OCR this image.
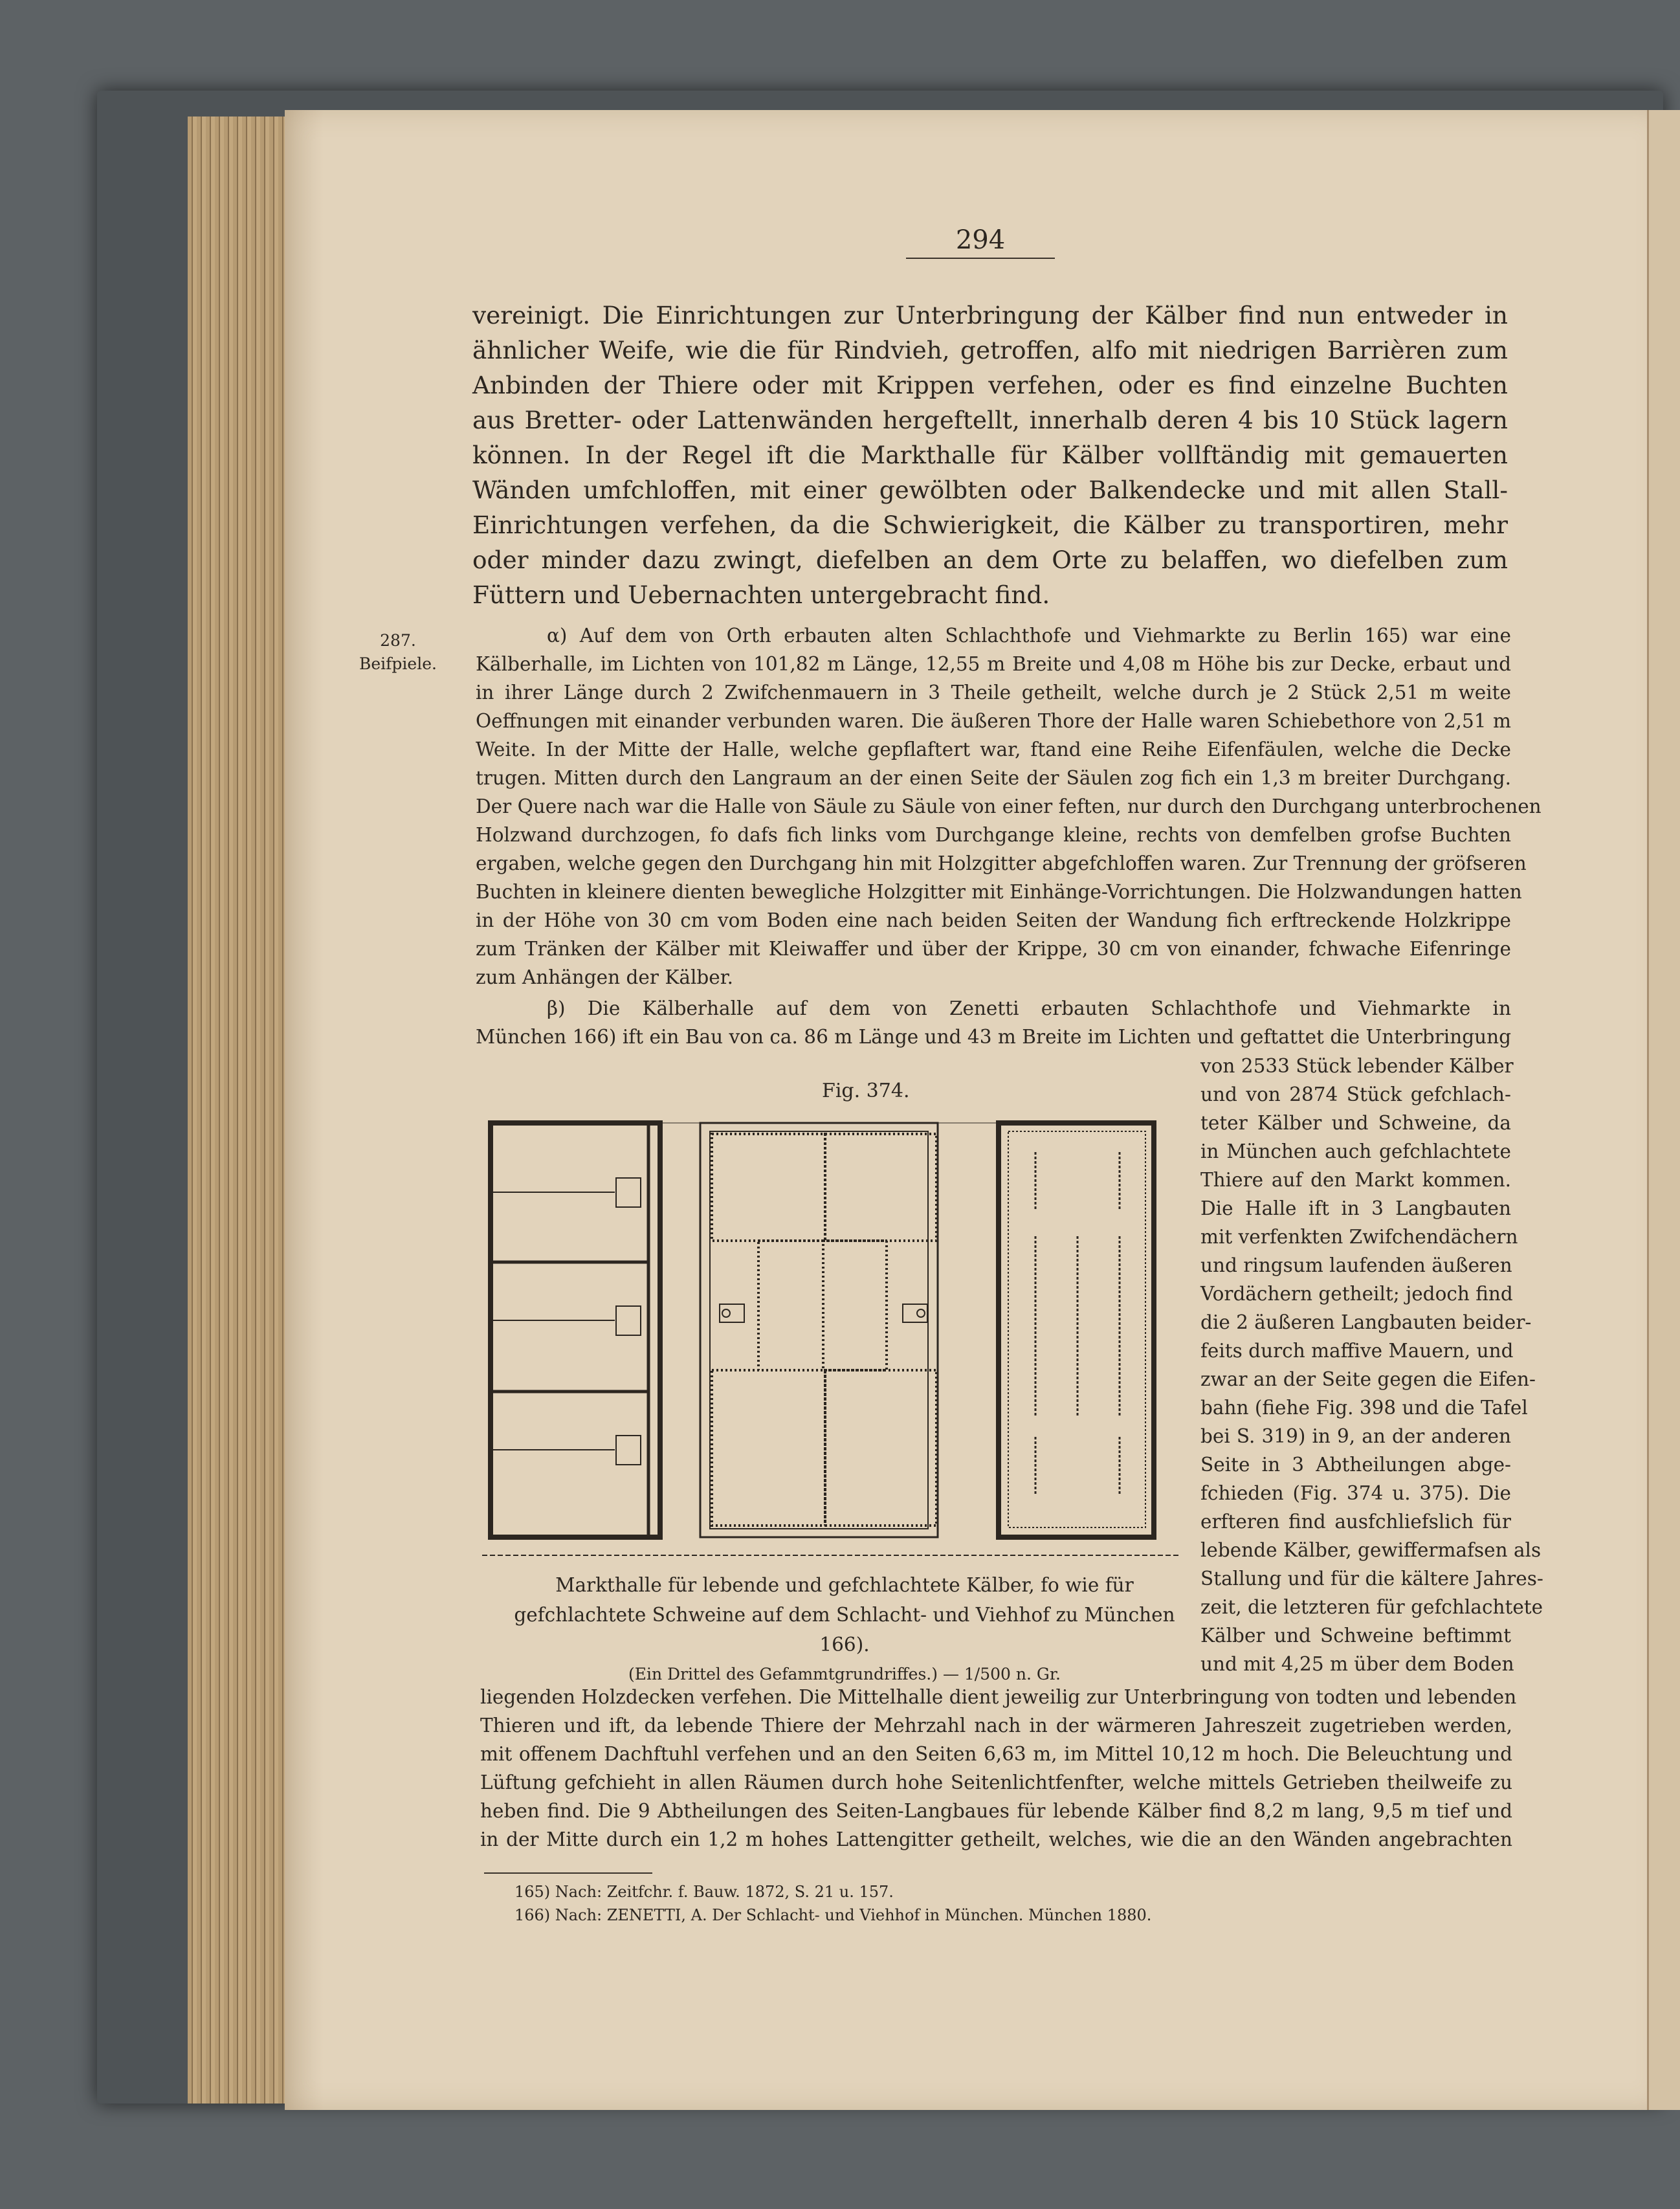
294
vereinigt. Die Einrichtungen zur Unterbringung der Kälber find nun entweder in
ähnlicher Weife, wie die für Rindvieh, getroffen, alfo mit niedrigen Barrièren zum
Anbinden der Thiere oder mit Krippen verfehen, oder es find einzelne Buchten
aus Bretter- oder Lattenwänden hergeftellt, innerhalb deren 4 bis 10 Stück lagern
können. In der Regel ift die Markthalle für Kälber vollftändig mit gemauerten
Wänden umfchloffen, mit einer gewölbten oder Balkendecke und mit allen Stall-
Einrichtungen verfehen, da die Schwierigkeit, die Kälber zu transportiren, mehr
oder minder dazu zwingt, diefelben an dem Orte zu belaffen, wo diefelben zum
Füttern und Uebernachten untergebracht find.
287.
Beifpiele.
α) Auf dem von Orth erbauten alten Schlachthofe und Viehmarkte zu Berlin 165) war eine
Kälberhalle, im Lichten von 101,82 m Länge, 12,55 m Breite und 4,08 m Höhe bis zur Decke, erbaut und
in ihrer Länge durch 2 Zwifchenmauern in 3 Theile getheilt, welche durch je 2 Stück 2,51 m weite
Oeffnungen mit einander verbunden waren. Die äußeren Thore der Halle waren Schiebethore von 2,51 m
Weite. In der Mitte der Halle, welche gepflaftert war, ftand eine Reihe Eifenfäulen, welche die Decke
trugen. Mitten durch den Langraum an der einen Seite der Säulen zog fich ein 1,3 m breiter Durchgang.
Der Quere nach war die Halle von Säule zu Säule von einer feften, nur durch den Durchgang unterbrochenen
Holzwand durchzogen, fo dafs fich links vom Durchgange kleine, rechts von demfelben grofse Buchten
ergaben, welche gegen den Durchgang hin mit Holzgitter abgefchloffen waren. Zur Trennung der gröfseren
Buchten in kleinere dienten bewegliche Holzgitter mit Einhänge-Vorrichtungen. Die Holzwandungen hatten
in der Höhe von 30 cm vom Boden eine nach beiden Seiten der Wandung fich erftreckende Holzkrippe
zum Tränken der Kälber mit Kleiwaffer und über der Krippe, 30 cm von einander, fchwache Eifenringe
zum Anhängen der Kälber.
β) Die Kälberhalle auf dem von Zenetti erbauten Schlachthofe und Viehmarkte in
München 166) ift ein Bau von ca. 86 m Länge und 43 m Breite im Lichten und geftattet die Unterbringung
von 2533 Stück lebender Kälber
und von 2874 Stück gefchlach-
teter Kälber und Schweine, da
in München auch gefchlachtete
Thiere auf den Markt kommen.
Die Halle ift in 3 Langbauten
mit verfenkten Zwifchendächern
und ringsum laufenden äußeren
Vordächern getheilt; jedoch find
die 2 äußeren Langbauten beider-
feits durch maffive Mauern, und
zwar an der Seite gegen die Eifen-
bahn (fiehe Fig. 398 und die Tafel
bei S. 319) in 9, an der anderen
Seite in 3 Abtheilungen abge-
fchieden (Fig. 374 u. 375). Die
erfteren find ausfchliefslich für
lebende Kälber, gewiffermafsen als
Stallung und für die kältere Jahres-
zeit, die letzteren für gefchlachtete
Kälber und Schweine beftimmt
und mit 4,25 m über dem Boden
Fig. 374.
Markthalle für lebende und gefchlachtete Kälber, fo wie für
gefchlachtete Schweine auf dem Schlacht- und Viehhof zu München 166).
(Ein Drittel des Gefammtgrundriffes.) — 1/500 n. Gr.
liegenden Holzdecken verfehen. Die Mittelhalle dient jeweilig zur Unterbringung von todten und lebenden
Thieren und ift, da lebende Thiere der Mehrzahl nach in der wärmeren Jahreszeit zugetrieben werden,
mit offenem Dachftuhl verfehen und an den Seiten 6,63 m, im Mittel 10,12 m hoch. Die Beleuchtung und
Lüftung gefchieht in allen Räumen durch hohe Seitenlichtfenfter, welche mittels Getrieben theilweife zu
heben find. Die 9 Abtheilungen des Seiten-Langbaues für lebende Kälber find 8,2 m lang, 9,5 m tief und
in der Mitte durch ein 1,2 m hohes Lattengitter getheilt, welches, wie die an den Wänden angebrachten
165) Nach: Zeitfchr. f. Bauw. 1872, S. 21 u. 157.
166) Nach: ZENETTI, A. Der Schlacht- und Viehhof in München. München 1880.
